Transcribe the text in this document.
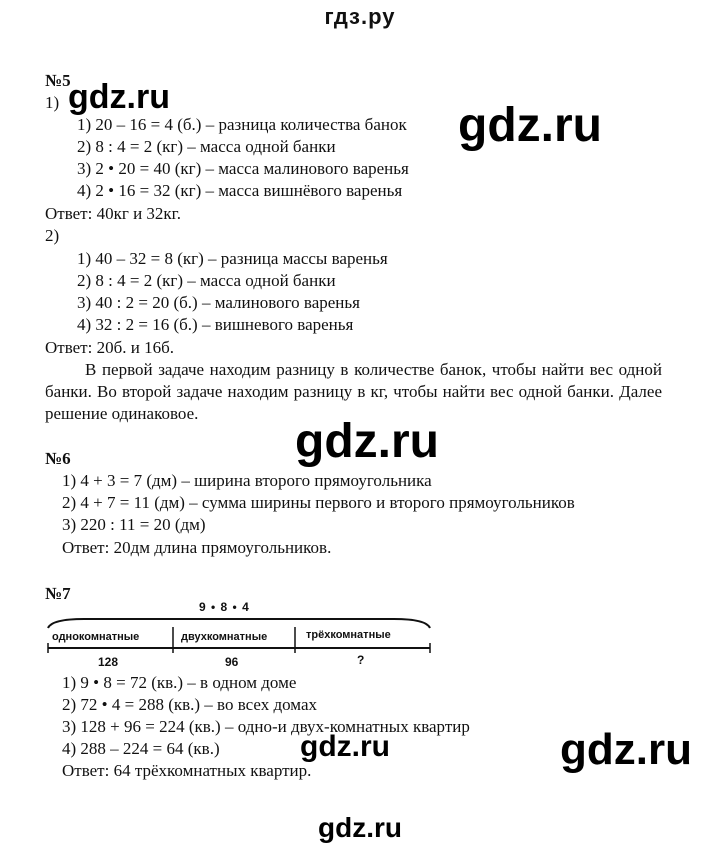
гдз.ру
№5
1)
1) 20 – 16 = 4 (б.) – разница количества банок
2) 8 : 4 = 2 (кг) – масса одной банки
3) 2 • 20 = 40 (кг) – масса малинового варенья
4) 2 • 16 = 32 (кг) – масса вишнёвого варенья
Ответ: 40кг и 32кг.
2)
1) 40 – 32 = 8 (кг) – разница массы варенья
2) 8 : 4 = 2 (кг) – масса одной банки
3) 40 : 2 = 20 (б.) – малинового варенья
4) 32 : 2 = 16 (б.) – вишневого варенья
Ответ: 20б. и 16б.
В первой задаче находим разницу в количестве банок, чтобы найти вес одной банки. Во второй задаче находим разницу в кг, чтобы найти вес одной банки. Далее решение одинаковое.
№6
1) 4 + 3 = 7 (дм) – ширина второго прямоугольника
2) 4 + 7 = 11 (дм) – сумма ширины первого и второго прямоугольников
3) 220 : 11 = 20 (дм)
Ответ: 20дм длина прямоугольников.
№7
9 • 8 • 4
однокомнатные	двухкомнатные	трёхкомнатные
128	96	?
1) 9 • 8 = 72 (кв.) – в одном доме
2) 72 • 4 = 288 (кв.) – во всех домах
3) 128 + 96 = 224 (кв.) – одно-и двух-комнатных квартир
4) 288 – 224 = 64 (кв.)
Ответ: 64 трёхкомнатных квартир.
gdz.ru
gdz.ru
gdz.ru
gdz.ru	gdz.ru
gdz.ru
